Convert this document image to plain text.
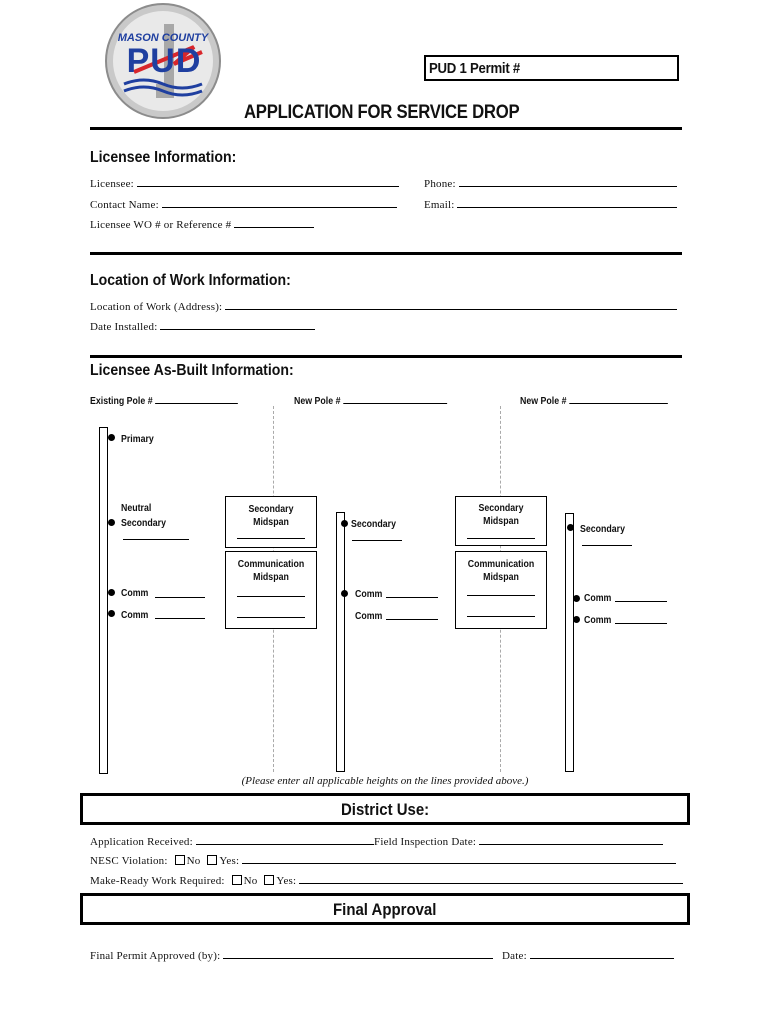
MASON COUNTY
PUD	PUD 1 Permit #
APPLICATION FOR SERVICE DROP
Licensee Information:
Licensee:	Phone:
Contact Name:	Email:
Licensee WO # or Reference #
Location of Work Information:
Location of Work (Address):
Date Installed:
Licensee As-Built Information:
Existing Pole #	New Pole #	New Pole #
Primary
Neutral
Secondary
Comm
Comm
Secondary
Midspan
Communication
Midspan
Secondary
Comm
Comm
Secondary
Midspan
Communication
Midspan
Secondary
Comm
Comm
(Please enter all applicable heights on the lines provided above.)
District Use:
Application Received:	Field Inspection Date:
NESC Violation: No Yes:
Make-Ready Work Required: No Yes:
Final Approval
Final Permit Approved (by):	Date:
